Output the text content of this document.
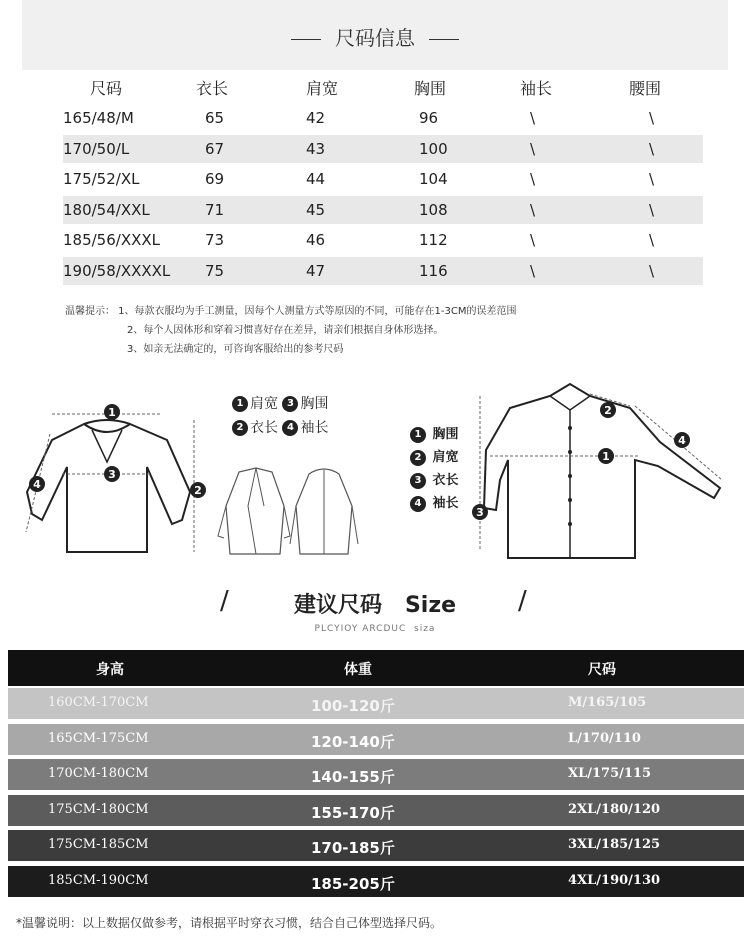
尺码信息
尺码	衣长	肩宽	胸围	袖长	腰围
165/48/M	65	42	96	\	\
170/50/L	67	43	100	\	\
175/52/XL	69	44	104	\	\
180/54/XXL	71	45	108	\	\
185/56/XXXL	73	46	112	\	\
190/58/XXXXL 75	47	116	\	\
温馨提示： 1、每款衣服均为手工测量，因每个人测量方式等原因的不同，可能存在1-3CM的误差范围
2、每个人因体形和穿着习惯喜好存在差异，请亲们根据自身体形选择。
3、如亲无法确定的，可咨询客服给出的参考尺码
1
3
4	2
1 肩宽 3 胸围
2 衣长 4 袖长
1
2
3
4
1 胸围
2 肩宽
3 衣长
4 袖长
/	/
建议尺码 Size
PLCYIOY ARCDUC siza
身高	体重	尺码
160CM-170CM	100-120斤	M/165/105
165CM-175CM	120-140斤	L/170/110
170CM-180CM	140-155斤	XL/175/115
175CM-180CM	155-170斤	2XL/180/120
175CM-185CM	170-185斤	3XL/185/125
185CM-190CM	185-205斤	4XL/190/130
*温馨说明：以上数据仅做参考，请根据平时穿衣习惯，结合自己体型选择尺码。
